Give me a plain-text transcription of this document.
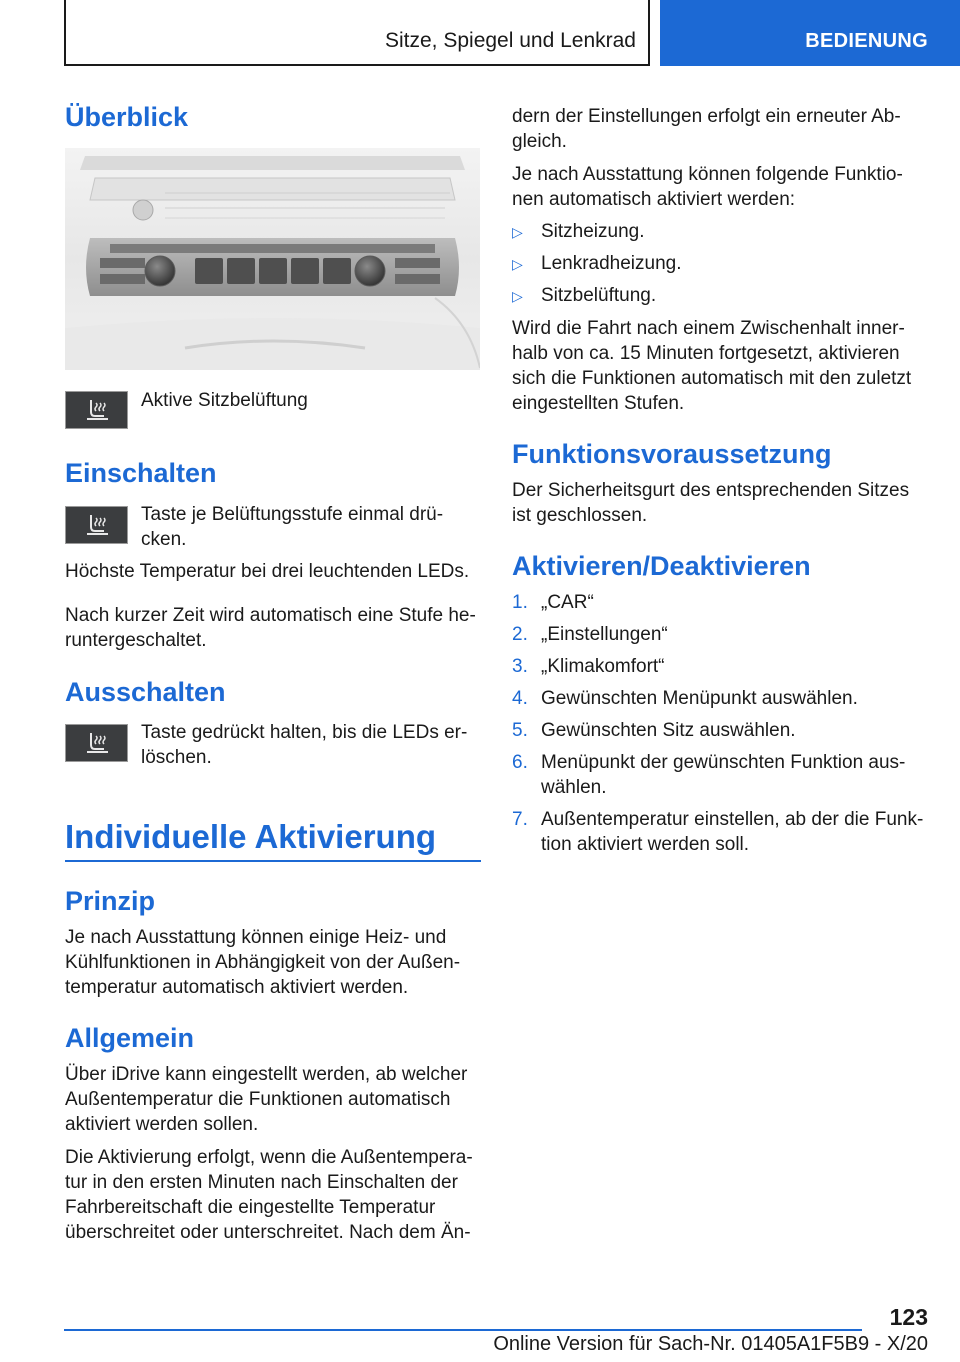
Sitze, Spiegel und Lenkrad	BEDIENUNG
Überblick
Aktive Sitzbelüftung
Einschalten
Taste je Belüftungsstufe einmal drü-
cken.
Höchste Temperatur bei drei leuchtenden LEDs.
Nach kurzer Zeit wird automatisch eine Stufe he-
runtergeschaltet.
Ausschalten
Taste gedrückt halten, bis die LEDs er-
löschen.
Individuelle Aktivierung
Prinzip
Je nach Ausstattung können einige Heiz- und
Kühlfunktionen in Abhängigkeit von der Außen-
temperatur automatisch aktiviert werden.
Allgemein
Über iDrive kann eingestellt werden, ab welcher
Außentemperatur die Funktionen automatisch
aktiviert werden sollen.
Die Aktivierung erfolgt, wenn die Außentempera-
tur in den ersten Minuten nach Einschalten der
Fahrbereitschaft die eingestellte Temperatur
überschreitet oder unterschreitet. Nach dem Än-
dern der Einstellungen erfolgt ein erneuter Ab-
gleich.
Je nach Ausstattung können folgende Funktio-
nen automatisch aktiviert werden:
▷ Sitzheizung.
▷ Lenkradheizung.
▷ Sitzbelüftung.
Wird die Fahrt nach einem Zwischenhalt inner-
halb von ca. 15 Minuten fortgesetzt, aktivieren
sich die Funktionen automatisch mit den zuletzt
eingestellten Stufen.
Funktionsvoraussetzung
Der Sicherheitsgurt des entsprechenden Sitzes
ist geschlossen.
Aktivieren/Deaktivieren
1. „CAR“
2. „Einstellungen“
3. „Klimakomfort“
4. Gewünschten Menüpunkt auswählen.
5. Gewünschten Sitz auswählen.
6. Menüpunkt der gewünschten Funktion aus-
wählen.
7. Außentemperatur einstellen, ab der die Funk-
tion aktiviert werden soll.
123
Online Version für Sach-Nr. 01405A1F5B9 - X/20
